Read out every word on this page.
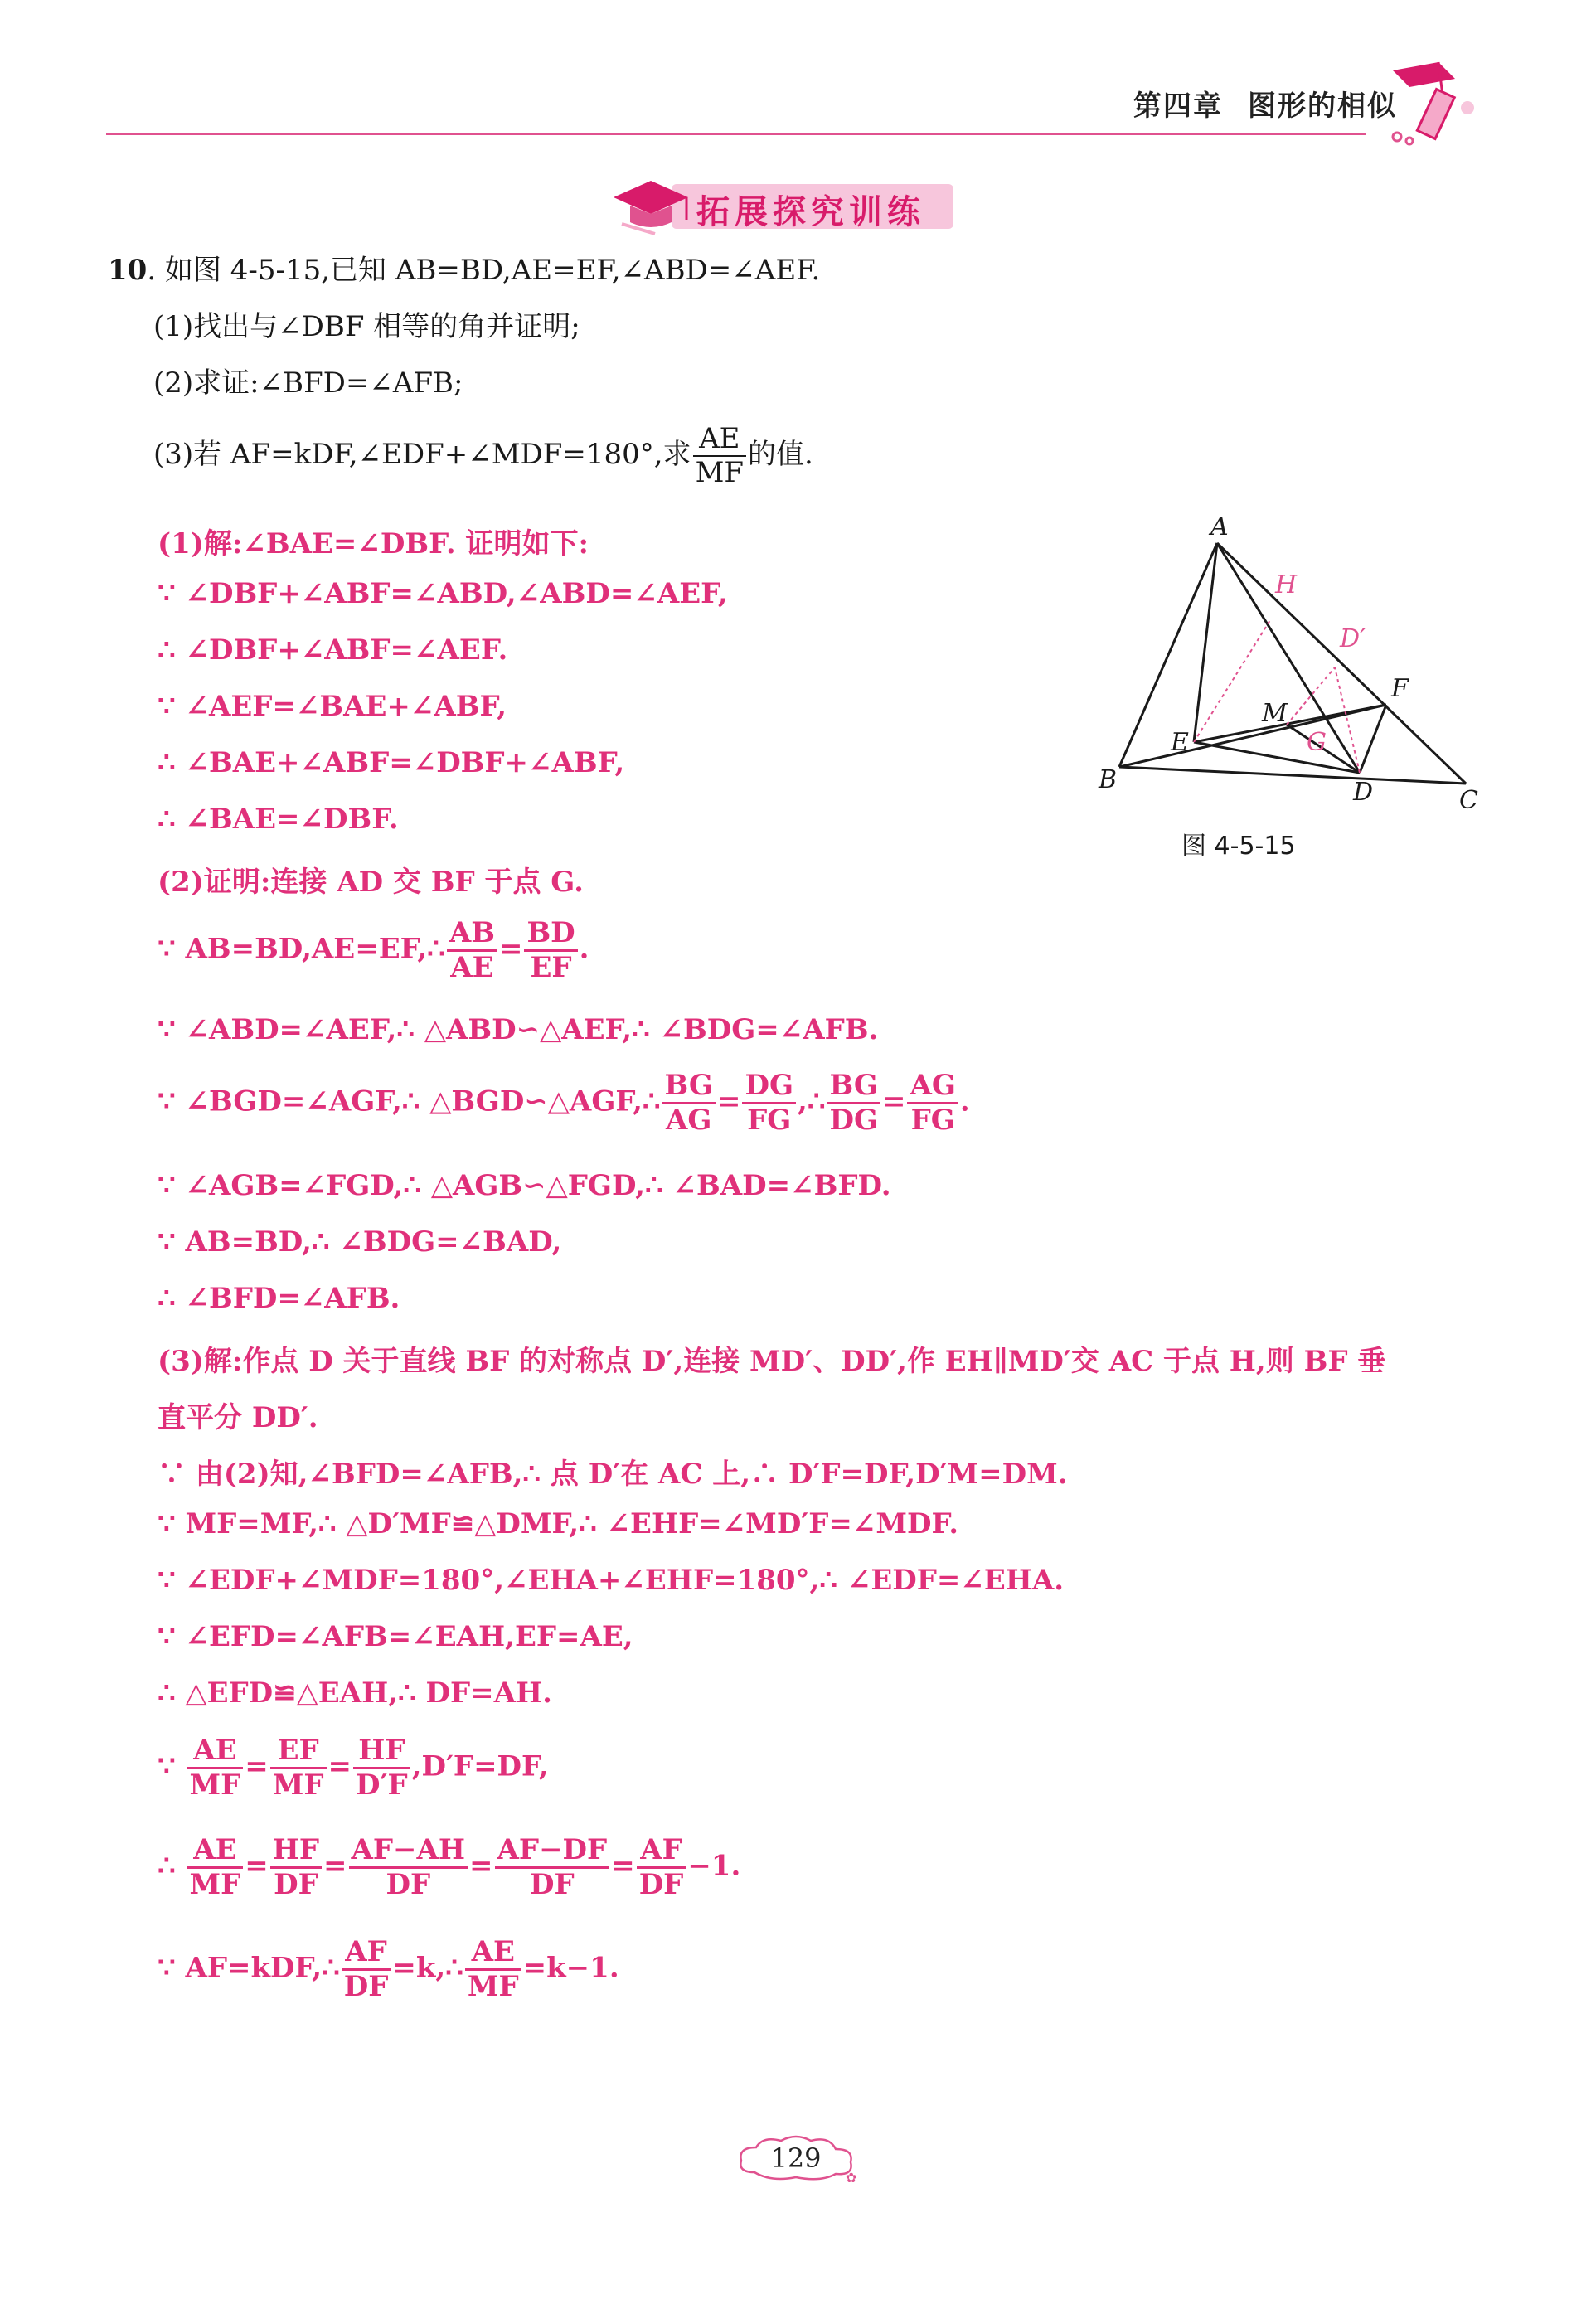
第四章 图形的相似
拓展探究训练
10. 如图 4-5-15,已知 AB=BD,AE=EF,∠ABD=∠AEF.
(1)找出与∠DBF 相等的角并证明;
(2)求证:∠BFD=∠AFB;
(3)若 AF=kDF,∠EDF+∠MDF=180°,求 $\frac{AE}{MF}$ 的值.
A
B
C
D
E
F
G
H
M
D′
图 4-5-15
(1)解:∠BAE=∠DBF. 证明如下:
∵ ∠DBF+∠ABF=∠ABD,∠ABD=∠AEF,
∴ ∠DBF+∠ABF=∠AEF.
∵ ∠AEF=∠BAE+∠ABF,
∴ ∠BAE+∠ABF=∠DBF+∠ABF,
∴ ∠BAE=∠DBF.
(2)证明:连接 AD 交 BF 于点 G.
∵ AB=BD,AE=EF,∴ $\frac{AB}{AE} = \frac{BD}{EF}$ .
∵ ∠ABD=∠AEF,∴ △ABD∽△AEF,∴ ∠BDG=∠AFB.
∵ ∠BGD=∠AGF,∴ △BGD∽△AGF,∴ $\frac{BG}{AG} = \frac{DG}{FG}$ ,∴ $\frac{BG}{DG} = \frac{AG}{FG}$ .
∵ ∠AGB=∠FGD,∴ △AGB∽△FGD,∴ ∠BAD=∠BFD.
∵ AB=BD,∴ ∠BDG=∠BAD,
∴ ∠BFD=∠AFB.
(3)解:作点 D 关于直线 BF 的对称点 D′,连接 MD′、DD′,作 EH∥MD′交 AC 于点 H,则 BF 垂
直平分 DD′.
∵ 由(2)知,∠BFD=∠AFB,∴ 点 D′在 AC 上,∴ D′F=DF,D′M=DM.
∵ MF=MF,∴ △D′MF≌△DMF,∴ ∠EHF=∠MD′F=∠MDF.
∵ ∠EDF+∠MDF=180°,∠EHA+∠EHF=180°,∴ ∠EDF=∠EHA.
∵ ∠EFD=∠AFB=∠EAH,EF=AE,
∴ △EFD≌△EAH,∴ DF=AH.
∵ $\frac{AE}{MF} = \frac{EF}{MF} = \frac{HF}{D'F} ,D'F=DF$,
∴ $\frac{AE}{MF} = \frac{HF}{DF} = \frac{AF-AH}{DF} = \frac{AF-DF}{DF} = \frac{AF}{DF} -1$.
∵ AF=kDF,∴ $\frac{AF}{DF}$ =k,∴ $\frac{AE}{MF} =k-1$.
✿
129
